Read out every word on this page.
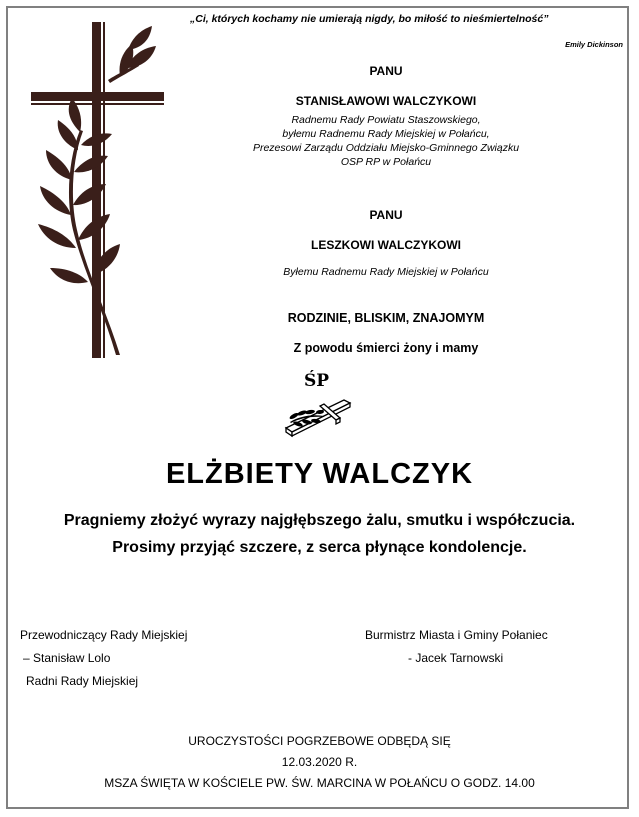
„Ci, których kochamy nie umierają nigdy, bo miłość to nieśmiertelność”
Emily Dickinson
PANU
STANISŁAWOWI WALCZYKOWI
Radnemu Rady Powiatu Staszowskiego,
byłemu Radnemu Rady Miejskiej w Połańcu,
Prezesowi Zarządu Oddziału Miejsko-Gminnego Związku
OSP RP w Połańcu
PANU
LESZKOWI WALCZYKOWI
Byłemu Radnemu Rady Miejskiej w Połańcu
RODZINIE, BLISKIM, ZNAJOMYM
Z powodu śmierci żony i mamy
ŚP
ELŻBIETY WALCZYK
Pragniemy złożyć wyrazy najgłębszego żalu, smutku i współczucia.
Prosimy przyjąć szczere, z serca płynące kondolencje.
Przewodniczący Rady Miejskiej
– Stanisław Lolo
Radni Rady Miejskiej
Burmistrz Miasta i Gminy Połaniec
- Jacek Tarnowski
UROCZYSTOŚCI POGRZEBOWE ODBĘDĄ SIĘ
12.03.2020 R.
MSZA ŚWIĘTA W KOŚCIELE PW. ŚW. MARCINA W POŁAŃCU O GODZ. 14.00
